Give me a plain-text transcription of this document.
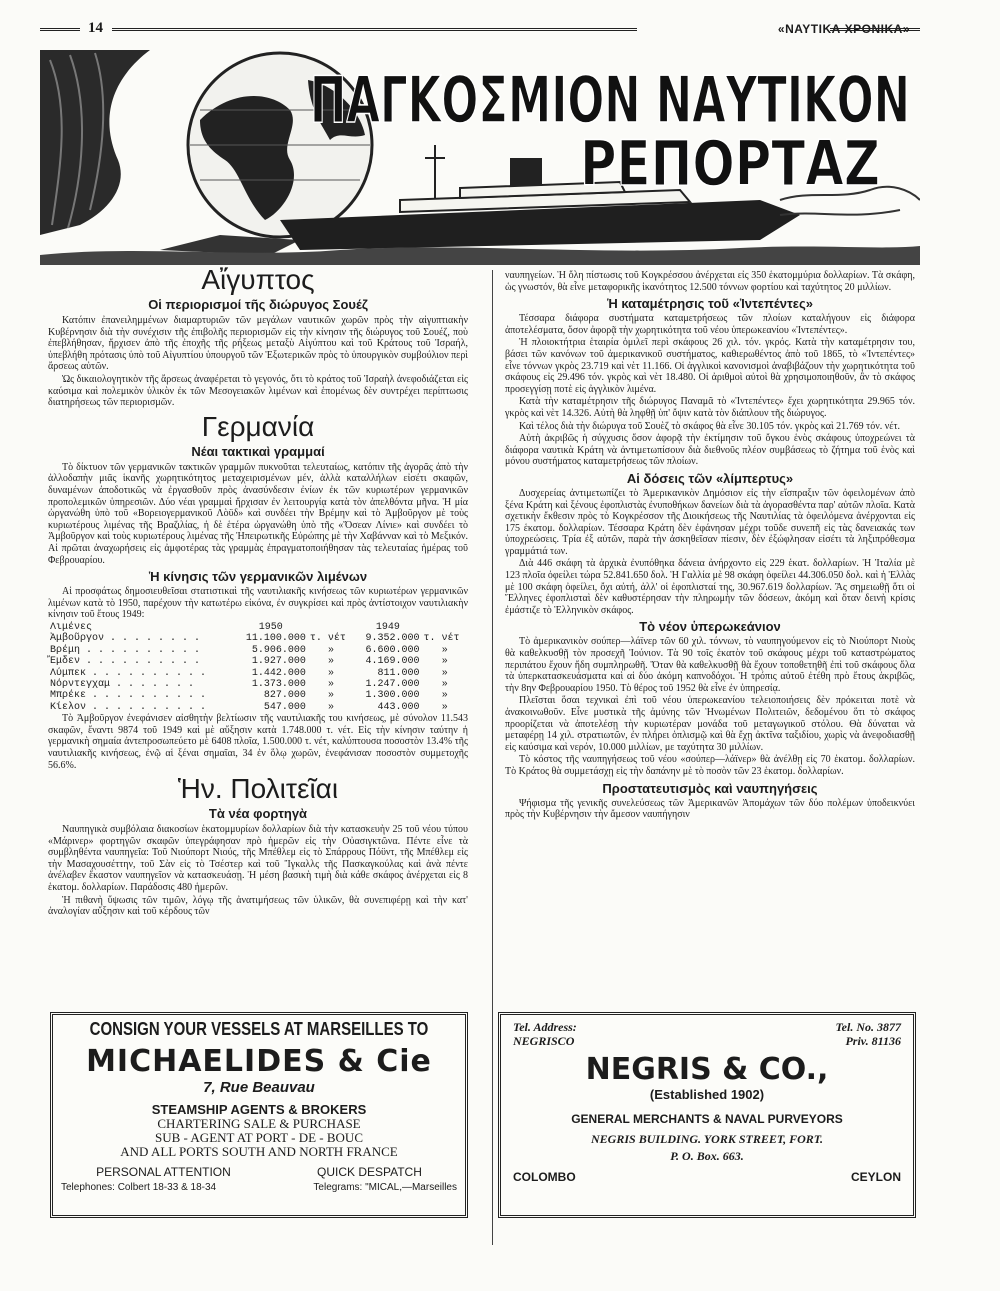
14	«ΝΑΥΤΙΚΑ ΧΡΟΝΙΚΑ»
ΠΑΓΚΟΣΜΙΟΝ ΝΑΥΤΙΚΟΝ
ΡΕΠΟΡΤΑΖ
Αἴγυπτος
Οἱ περιορισμοί τῆς διώρυγος Σουέζ

Κατόπιν ἐπανειλημμένων διαμαρτυριῶν τῶν μεγάλων ναυτικῶν χωρῶν πρὸς τὴν αἰγυπτιακὴν Κυβέρνησιν διὰ τὴν συνέχισιν τῆς ἐπιβολῆς περιορισμῶν εἰς τὴν κίνησιν τῆς διώρυγος τοῦ Σουέζ, ποὺ ἐπεβλήθησαν, ἤρχισεν ἀπὸ τῆς ἐποχῆς τῆς ρήξεως μεταξὺ Αἰγύπτου καὶ τοῦ Κράτους τοῦ Ἰσραήλ, ὑπεβλήθη πρότασις ὑπὸ τοῦ Αἰγυπτίου ὑπουργοῦ τῶν Ἐξωτερικῶν πρὸς τὸ ὑπουργικὸν συμβούλιον περὶ ἄρσεως αὐτῶν.

Ὡς δικαιολογητικὸν τῆς ἄρσεως ἀναφέρεται τὸ γεγονός, ὅτι τὸ κράτος τοῦ Ἰσραὴλ ἀνεφοδιάζεται εἰς καύσιμα καὶ πολεμικὸν ὑλικὸν ἐκ τῶν Μεσογειακῶν λιμένων καὶ ἑπομένως δὲν συντρέχει περίπτωσις διατηρήσεως τῶν περιορισμῶν.

Γερμανία
Νέαι τακτικαὶ γραμμαί

Τὸ δίκτυον τῶν γερμανικῶν τακτικῶν γραμμῶν πυκνοῦται τελευταίως, κατόπιν τῆς ἀγορᾶς ἀπὸ τὴν ἀλλοδαπὴν μιᾶς ἱκανῆς χωρητικότητος μεταχειρισμένων μέν, ἀλλὰ καταλλήλων εἰσέτι σκαφῶν, δυναμένων ἀποδοτικῶς νὰ ἐργασθοῦν πρὸς ἀνασύνδεσιν ἐνίων ἐκ τῶν κυριωτέρων γερμανικῶν προπολεμικῶν ὑπηρεσιῶν. Δύο νέαι γραμμαὶ ἤρχισαν ἐν λειτουργίᾳ κατὰ τὸν ἀπελθόντα μῆνα. Ἡ μία ὠργανώθη ὑπὸ τοῦ «Βορειογερμανικοῦ Λὸϋδ» καὶ συνδέει τὴν Βρέμην καὶ τὸ Ἀμβοῦργον μὲ τοὺς κυριωτέρους λιμένας τῆς Βραζιλίας, ἡ δὲ ἑτέρα ὠργανώθη ὑπὸ τῆς «Ὄσεαν Λίνιε» καὶ συνδέει τὸ Ἀμβοῦργον καὶ τοὺς κυριωτέρους λιμένας τῆς Ἠπειρωτικῆς Εὐρώπης μὲ τὴν Χαβάνναν καὶ τὸ Μεξικόν. Αἱ πρῶται ἀναχωρήσεις εἰς ἀμφοτέρας τὰς γραμμὰς ἐπραγματοποιήθησαν τὰς τελευταίας ἡμέρας τοῦ Φεβρουαρίου.

Ἡ κίνησις τῶν γερμανικῶν λιμένων

Αἱ προσφάτως δημοσιευθεῖσαι στατιστικαὶ τῆς ναυτιλιακῆς κινήσεως τῶν κυριωτέρων γερμανικῶν λιμένων κατὰ τὸ 1950, παρέχουν τὴν κατωτέρω εἰκόνα, ἐν συγκρίσει καὶ πρὸς ἀντίστοιχον ναυτιλιακὴν κίνησιν τοῦ ἔτους 1949:

Λιμένες	1950		1949	
Ἀμβοῦργον . . . . . . . .	11.100.000	τ. νέτ	9.352.000	τ. νέτ
Βρέμη . . . . . . . . . .	5.906.000	»	6.600.000	»
Ἔμδεν . . . . . . . . . .	1.927.000	»	4.169.000	»
Λύμπεκ . . . . . . . . . .	1.442.000	»	811.000	»
Νόρντεγχαμ . . . . . . .	1.373.000	»	1.247.000	»
Μπρέκε . . . . . . . . . .	827.000	»	1.300.000	»
Κίελον . . . . . . . . . .	547.000	»	443.000	»

Τὸ Ἀμβοῦργον ἐνεφάνισεν αἰσθητὴν βελτίωσιν τῆς ναυτιλιακῆς του κινήσεως, μὲ σύνολον 11.543 σκαφῶν, ἔναντι 9874 τοῦ 1949 καὶ μὲ αὔξησιν κατὰ 1.748.000 τ. νέτ. Εἰς τὴν κίνησιν ταύτην ἡ γερμανικὴ σημαία ἀντεπροσωπεύετο μὲ 6408 πλοῖα, 1.500.000 τ. νέτ, καλύπτουσα ποσοστὸν 13.4% τῆς ναυτιλιακῆς κινήσεως, ἐνῷ αἱ ξέναι σημαῖαι, 34 ἐν ὅλῳ χωρῶν, ἐνεφάνισαν ποσοστὸν συμμετοχῆς 56.6%.

Ἡν. Πολιτεῖαι
Τὰ νέα φορτηγὰ

Ναυπηγικὰ συμβόλαια διακοσίων ἑκατομμυρίων δολλαρίων διὰ τὴν κατασκευὴν 25 τοῦ νέου τύπου «Μάρινερ» φορτηγῶν σκαφῶν ὑπεγράφησαν πρὸ ἡμερῶν εἰς τὴν Οὐασιγκτῶνα. Πέντε εἶνε τὰ συμβληθέντα ναυπηγεῖα: Τοῦ Νιούπορτ Νιούς, τῆς Μπέθλεμ εἰς τὸ Σπάρρους Πόϋντ, τῆς Μπέθλεμ εἰς τὴν Μασαχουσέττην, τοῦ Σὰν εἰς τὸ Τσέστερ καὶ τοῦ Ἴγκαλλς τῆς Πασκαγκούλας καὶ ἀνὰ πέντε ἀνέλαβεν ἕκαστον ναυπηγεῖον νὰ κατασκευάσῃ. Ἡ μέση βασικὴ τιμὴ διὰ κάθε σκάφος ἀνέρχεται εἰς 8 ἑκατομ. δολλαρίων. Παράδοσις 480 ἡμερῶν.

Ἡ πιθανὴ ὕψωσις τῶν τιμῶν, λόγῳ τῆς ἀνατιμήσεως τῶν ὑλικῶν, θὰ συνεπιφέρῃ καὶ τὴν κατ' ἀναλογίαν αὔξησιν καὶ τοῦ κέρδους τῶν

ναυπηγείων. Ἡ ὅλη πίστωσις τοῦ Κογκρέσσου ἀνέρχεται εἰς 350 ἑκατομμύρια δολλαρίων. Τὰ σκάφη, ὡς γνωστόν, θὰ εἶνε μεταφορικῆς ἱκανότητος 12.500 τόννων φορτίου καὶ ταχύτητος 20 μιλλίων.

Ἡ καταμέτρησις τοῦ «Ἰντεπέντες»

Τέσσαρα διάφορα συστήματα καταμετρήσεως τῶν πλοίων καταλήγουν εἰς διάφορα ἀποτελέσματα, ὅσον ἀφορᾷ τὴν χωρητικότητα τοῦ νέου ὑπερωκεανίου «Ἰντεπέντες».

Ἡ πλοιοκτήτρια ἑταιρία ὁμιλεῖ περὶ σκάφους 26 χιλ. τόν. γκρός. Κατὰ τὴν καταμέτρησιν του, βάσει τῶν κανόνων τοῦ ἀμερικανικοῦ συστήματος, καθιερωθέντος ἀπὸ τοῦ 1865, τὸ «Ἰντεπέντες» εἶνε τόννων γκρὸς 23.719 καὶ νὲτ 11.166. Οἱ ἀγγλικοὶ κανονισμοὶ ἀναβιβάζουν τὴν χωρητικότητα τοῦ σκάφους εἰς 29.496 τόν. γκρὸς καὶ νὲτ 18.480. Οἱ ἀριθμοὶ αὐτοὶ θὰ χρησιμοποιηθοῦν, ἂν τὸ σκάφος προσεγγίσῃ ποτὲ εἰς ἀγγλικὸν λιμένα.

Κατὰ τὴν καταμέτρησιν τῆς διώρυγος Παναμᾶ τὸ «Ἰντεπέντες» ἔχει χωρητικότητα 29.965 τόν. γκρὸς καὶ νὲτ 14.326. Αὐτὴ θὰ ληφθῇ ὑπ' ὄψιν κατὰ τὸν διάπλουν τῆς διώρυγος.

Καὶ τέλος διὰ τὴν διώρυγα τοῦ Σουὲζ τὸ σκάφος θὰ εἶνε 30.105 τόν. γκρὸς καὶ 21.769 τόν. νέτ.

Αὐτὴ ἀκριβῶς ἡ σύγχυσις ὅσον ἀφορᾷ τὴν ἐκτίμησιν τοῦ ὄγκου ἑνὸς σκάφους ὑποχρεώνει τὰ διάφορα ναυτικὰ Κράτη νὰ ἀντιμετωπίσουν διὰ διεθνοῦς πλέον συμβάσεως τὸ ζήτημα τοῦ ἑνὸς καὶ μόνου συστήματος καταμετρήσεως τῶν πλοίων.

Αἱ δόσεις τῶν «λίμπερτυς»

Δυσχερείας ἀντιμετωπίζει τὸ Ἀμερικανικὸν Δημόσιον εἰς τὴν εἴσπραξιν τῶν ὀφειλομένων ἀπὸ ξένα Κράτη καὶ ξένους ἐφοπλιστὰς ἐνυποθήκων δανείων διὰ τὰ ἀγορασθέντα παρ' αὐτῶν πλοῖα. Κατὰ σχετικὴν ἔκθεσιν πρὸς τὸ Κογκρέσσον τῆς Διοικήσεως τῆς Ναυτιλίας τὰ ὀφειλόμενα ἀνέρχονται εἰς 175 ἑκατομ. δολλαρίων. Τέσσαρα Κράτη δὲν ἐφάνησαν μέχρι τοῦδε συνεπῆ εἰς τὰς δανειακάς των ὑποχρεώσεις. Τρία ἐξ αὐτῶν, παρὰ τὴν ἀσκηθεῖσαν πίεσιν, δὲν ἐξώφλησαν εἰσέτι τὰ ληξιπρόθεσμα γραμμάτιά των.

Διὰ 446 σκάφη τὰ ἀρχικὰ ἐνυπόθηκα δάνεια ἀνήρχοντο εἰς 229 ἑκατ. δολλαρίων. Ἡ Ἰταλία μὲ 123 πλοῖα ὀφείλει τώρα 52.841.650 δολ. Ἡ Γαλλία μὲ 98 σκάφη ὀφείλει 44.306.050 δολ. καὶ ἡ Ἑλλὰς μὲ 100 σκάφη ὀφείλει, ὄχι αὐτή, ἀλλ' οἱ ἐφοπλισταί της, 30.967.619 δολλαρίων. Ἂς σημειωθῇ ὅτι οἱ Ἕλληνες ἐφοπλισταὶ δὲν καθυστέρησαν τὴν πληρωμὴν τῶν δόσεων, ἀκόμη καὶ ὅταν δεινὴ κρίσις ἐμάστιζε τὸ Ἑλληνικὸν σκάφος.

Τὸ νέον ὑπερωκεάνιον

Τὸ ἀμερικανικὸν σούπερ—λάϊνερ τῶν 60 χιλ. τόννων, τὸ ναυπηγούμενον εἰς τὸ Νιούπορτ Νιοὺς θὰ καθελκυσθῇ τὸν προσεχῆ Ἰούνιον. Τὰ 90 τοῖς ἑκατὸν τοῦ σκάφους μέχρι τοῦ καταστρώματος περιπάτου ἔχουν ἤδη συμπληρωθῆ. Ὅταν θὰ καθελκυσθῇ θὰ ἔχουν τοποθετηθῆ ἐπὶ τοῦ σκάφους ὅλα τὰ ὑπερκατασκευάσματα καὶ αἱ δύο ἀκόμη καπνοδόχοι. Ἡ τρόπις αὐτοῦ ἐτέθη πρὸ ἔτους ἀκριβῶς, τὴν 8ην Φεβρουαρίου 1950. Τὸ θέρος τοῦ 1952 θὰ εἶνε ἐν ὑπηρεσίᾳ.

Πλεῖσται ὅσαι τεχνικαὶ ἐπὶ τοῦ νέου ὑπερωκεανίου τελειοποιήσεις δὲν πρόκειται ποτὲ νὰ ἀνακοινωθοῦν. Εἶνε μυστικὰ τῆς ἀμύνης τῶν Ἡνωμένων Πολιτειῶν, δεδομένου ὅτι τὸ σκάφος προορίζεται νὰ ἀποτελέσῃ τὴν κυριωτέραν μονάδα τοῦ μεταγωγικοῦ στόλου. Θὰ δύναται νὰ μεταφέρῃ 14 χιλ. στρατιωτῶν, ἐν πλήρει ὁπλισμῷ καὶ θὰ ἔχῃ ἀκτῖνα ταξιδίου, χωρὶς νὰ ἀνεφοδιασθῇ εἰς καύσιμα καὶ νερόν, 10.000 μιλλίων, με ταχύτητα 30 μιλλίων.

Τὸ κόστος τῆς ναυπηγήσεως τοῦ νέου «σούπερ—λάϊνερ» θὰ ἀνέλθῃ εἰς 70 ἑκατομ. δολλαρίων. Τὸ Κράτος θὰ συμμετάσχῃ εἰς τὴν δαπάνην μὲ τὸ ποσὸν τῶν 23 ἑκατομ. δολλαρίων.

Προστατευτισμὸς καὶ ναυπηγήσεις

Ψήφισμα τῆς γενικῆς συνελεύσεως τῶν Ἀμερικανῶν Ἀπομάχων τῶν δύο πολέμων ὑποδεικνύει πρὸς τὴν Κυβέρνησιν τὴν ἄμεσον ναυπήγησιν

CONSIGN YOUR VESSELS AT MARSEILLES TO
MICHAELIDES & Cie
7, Rue Beauvau
STEAMSHIP AGENTS & BROKERS
CHARTERING SALE & PURCHASE
SUB - AGENT AT PORT - DE - BOUC
AND ALL PORTS SOUTH AND NORTH FRANCE
PERSONAL ATTENTION	QUICK DESPATCH
Telephones: Colbert 18-33 & 18-34	Telegrams: "MICAL,—Marseilles
Tel. Address:
NEGRISCO
Tel. No. 3877
Priv. 81136
NEGRIS & CO.,
(Established 1902)
GENERAL MERCHANTS & NAVAL PURVEYORS
NEGRIS BUILDING. YORK STREET, FORT.
P. O. Box. 663.
COLOMBO	CEYLON
